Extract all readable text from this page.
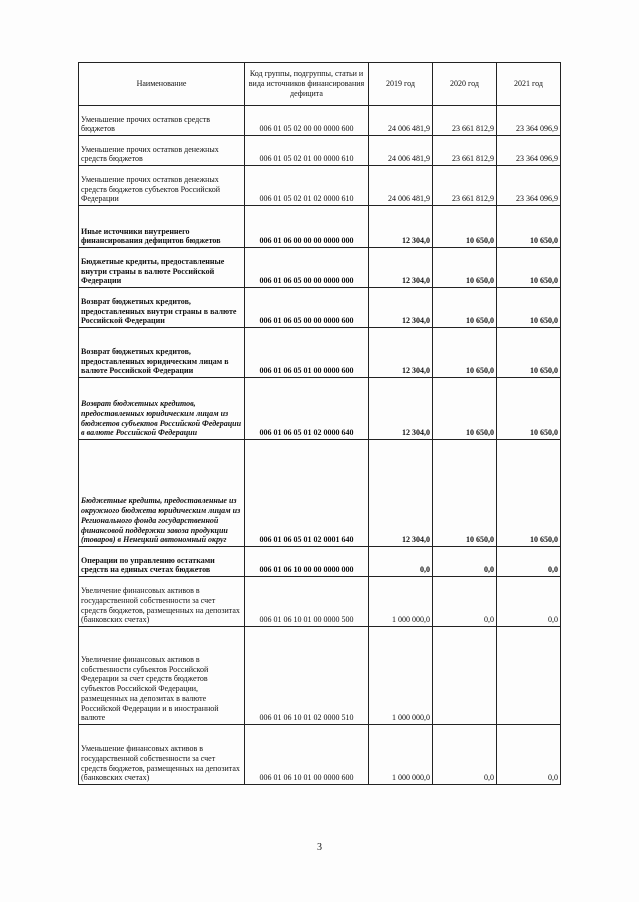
Наименование	Код группы, подгруппы, статьи и вида источников финансирования дефицита	2019 год	2020 год	2021 год
Уменьшение прочих остатков средств бюджетов	006 01 05 02 00 00 0000 600	24 006 481,9	23 661 812,9	23 364 096,9
Уменьшение прочих остатков денежных средств бюджетов	006 01 05 02 01 00 0000 610	24 006 481,9	23 661 812,9	23 364 096,9
Уменьшение прочих остатков денежных средств бюджетов субъектов Российской Федерации	006 01 05 02 01 02 0000 610	24 006 481,9	23 661 812,9	23 364 096,9
Иные источники внутреннего финансирования дефицитов бюджетов	006 01 06 00 00 00 0000 000	12 304,0	10 650,0	10 650,0
Бюджетные кредиты, предоставленные внутри страны в валюте Российской Федерации	006 01 06 05 00 00 0000 000	12 304,0	10 650,0	10 650,0
Возврат бюджетных кредитов, предоставленных внутри страны в валюте Российской Федерации	006 01 06 05 00 00 0000 600	12 304,0	10 650,0	10 650,0
Возврат бюджетных кредитов, предоставленных юридическим лицам в валюте Российской Федерации	006 01 06 05 01 00 0000 600	12 304,0	10 650,0	10 650,0
Возврат бюджетных кредитов, предоставленных юридическим лицам из бюджетов субъектов Российской Федерации в валюте Российской Федерации	006 01 06 05 01 02 0000 640	12 304,0	10 650,0	10 650,0
Бюджетные кредиты, предоставленные из окружного бюджета юридическим лицам из Регионального фонда государственной финансовой поддержки завоза продукции (товаров) в Ненецкий автономный округ	006 01 06 05 01 02 0001 640	12 304,0	10 650,0	10 650,0
Операции по управлению остатками средств на единых счетах бюджетов	006 01 06 10 00 00 0000 000	0,0	0,0	0,0
Увеличение финансовых активов в государственной собственности за счет средств бюджетов, размещенных на депозитах (банковских счетах)	006 01 06 10 01 00 0000 500	1 000 000,0	0,0	0,0
Увеличение финансовых активов в собственности субъектов Российской Федерации за счет средств бюджетов субъектов Российской Федерации, размещенных на депозитах в валюте Российской Федерации и в иностранной валюте	006 01 06 10 01 02 0000 510	1 000 000,0		
Уменьшение финансовых активов в государственной собственности за счет средств бюджетов, размещенных на депозитах (банковских счетах)	006 01 06 10 01 00 0000 600	1 000 000,0	0,0	0,0
3
